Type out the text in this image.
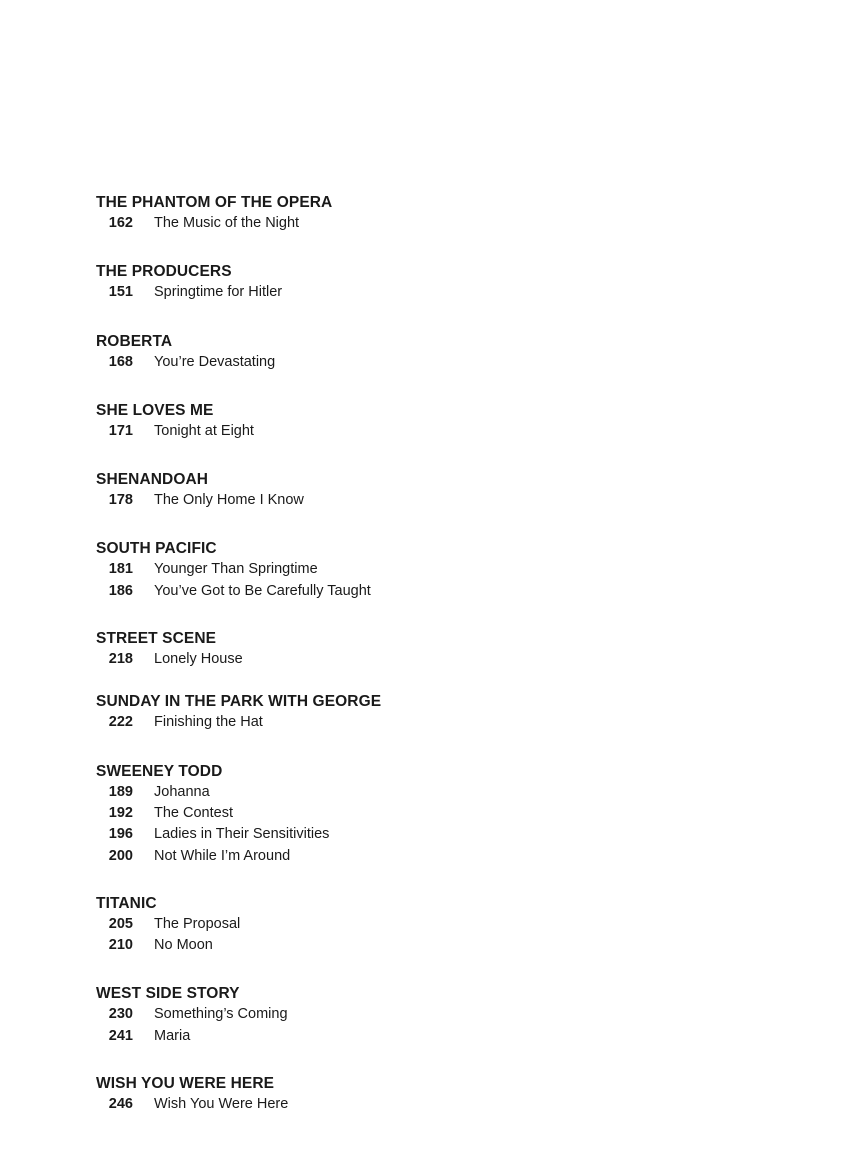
THE PHANTOM OF THE OPERA
162 The Music of the Night
THE PRODUCERS
151 Springtime for Hitler
ROBERTA
168 You’re Devastating
SHE LOVES ME
171 Tonight at Eight
SHENANDOAH
178 The Only Home I Know
SOUTH PACIFIC
181 Younger Than Springtime
186 You’ve Got to Be Carefully Taught
STREET SCENE
218 Lonely House
SUNDAY IN THE PARK WITH GEORGE
222 Finishing the Hat
SWEENEY TODD
189 Johanna
192 The Contest
196 Ladies in Their Sensitivities
200 Not While I’m Around
TITANIC
205 The Proposal
210 No Moon
WEST SIDE STORY
230 Something’s Coming
241 Maria
WISH YOU WERE HERE
246 Wish You Were Here
